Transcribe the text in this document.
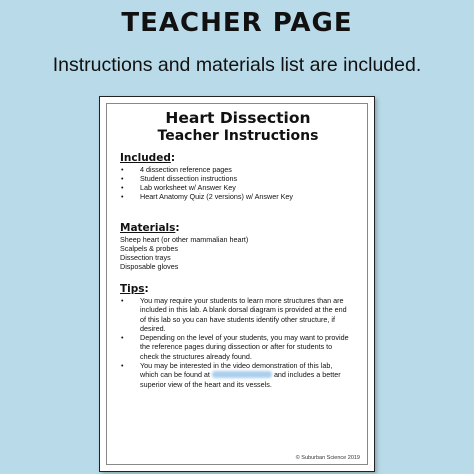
TEACHER PAGE
Instructions and materials list are included.
Heart Dissection
Teacher Instructions
Included:
• 4 dissection reference pages
• Student dissection instructions
• Lab worksheet w/ Answer Key
• Heart Anatomy Quiz (2 versions) w/ Answer Key
Materials:
Sheep heart (or other mammalian heart)
Scalpels & probes
Dissection trays
Disposable gloves
Tips:
• You may require your students to learn more structures than are included in this lab. A blank dorsal diagram is provided at the end of this lab so you can have students identify other structure, if desired.
• Depending on the level of your students, you may want to provide the reference pages during dissection or after for students to check the structures already found.
• You may be interested in the video demonstration of this lab, which can be found at	and includes a better superior view of the heart and its vessels.
© Suburban Science 2019
